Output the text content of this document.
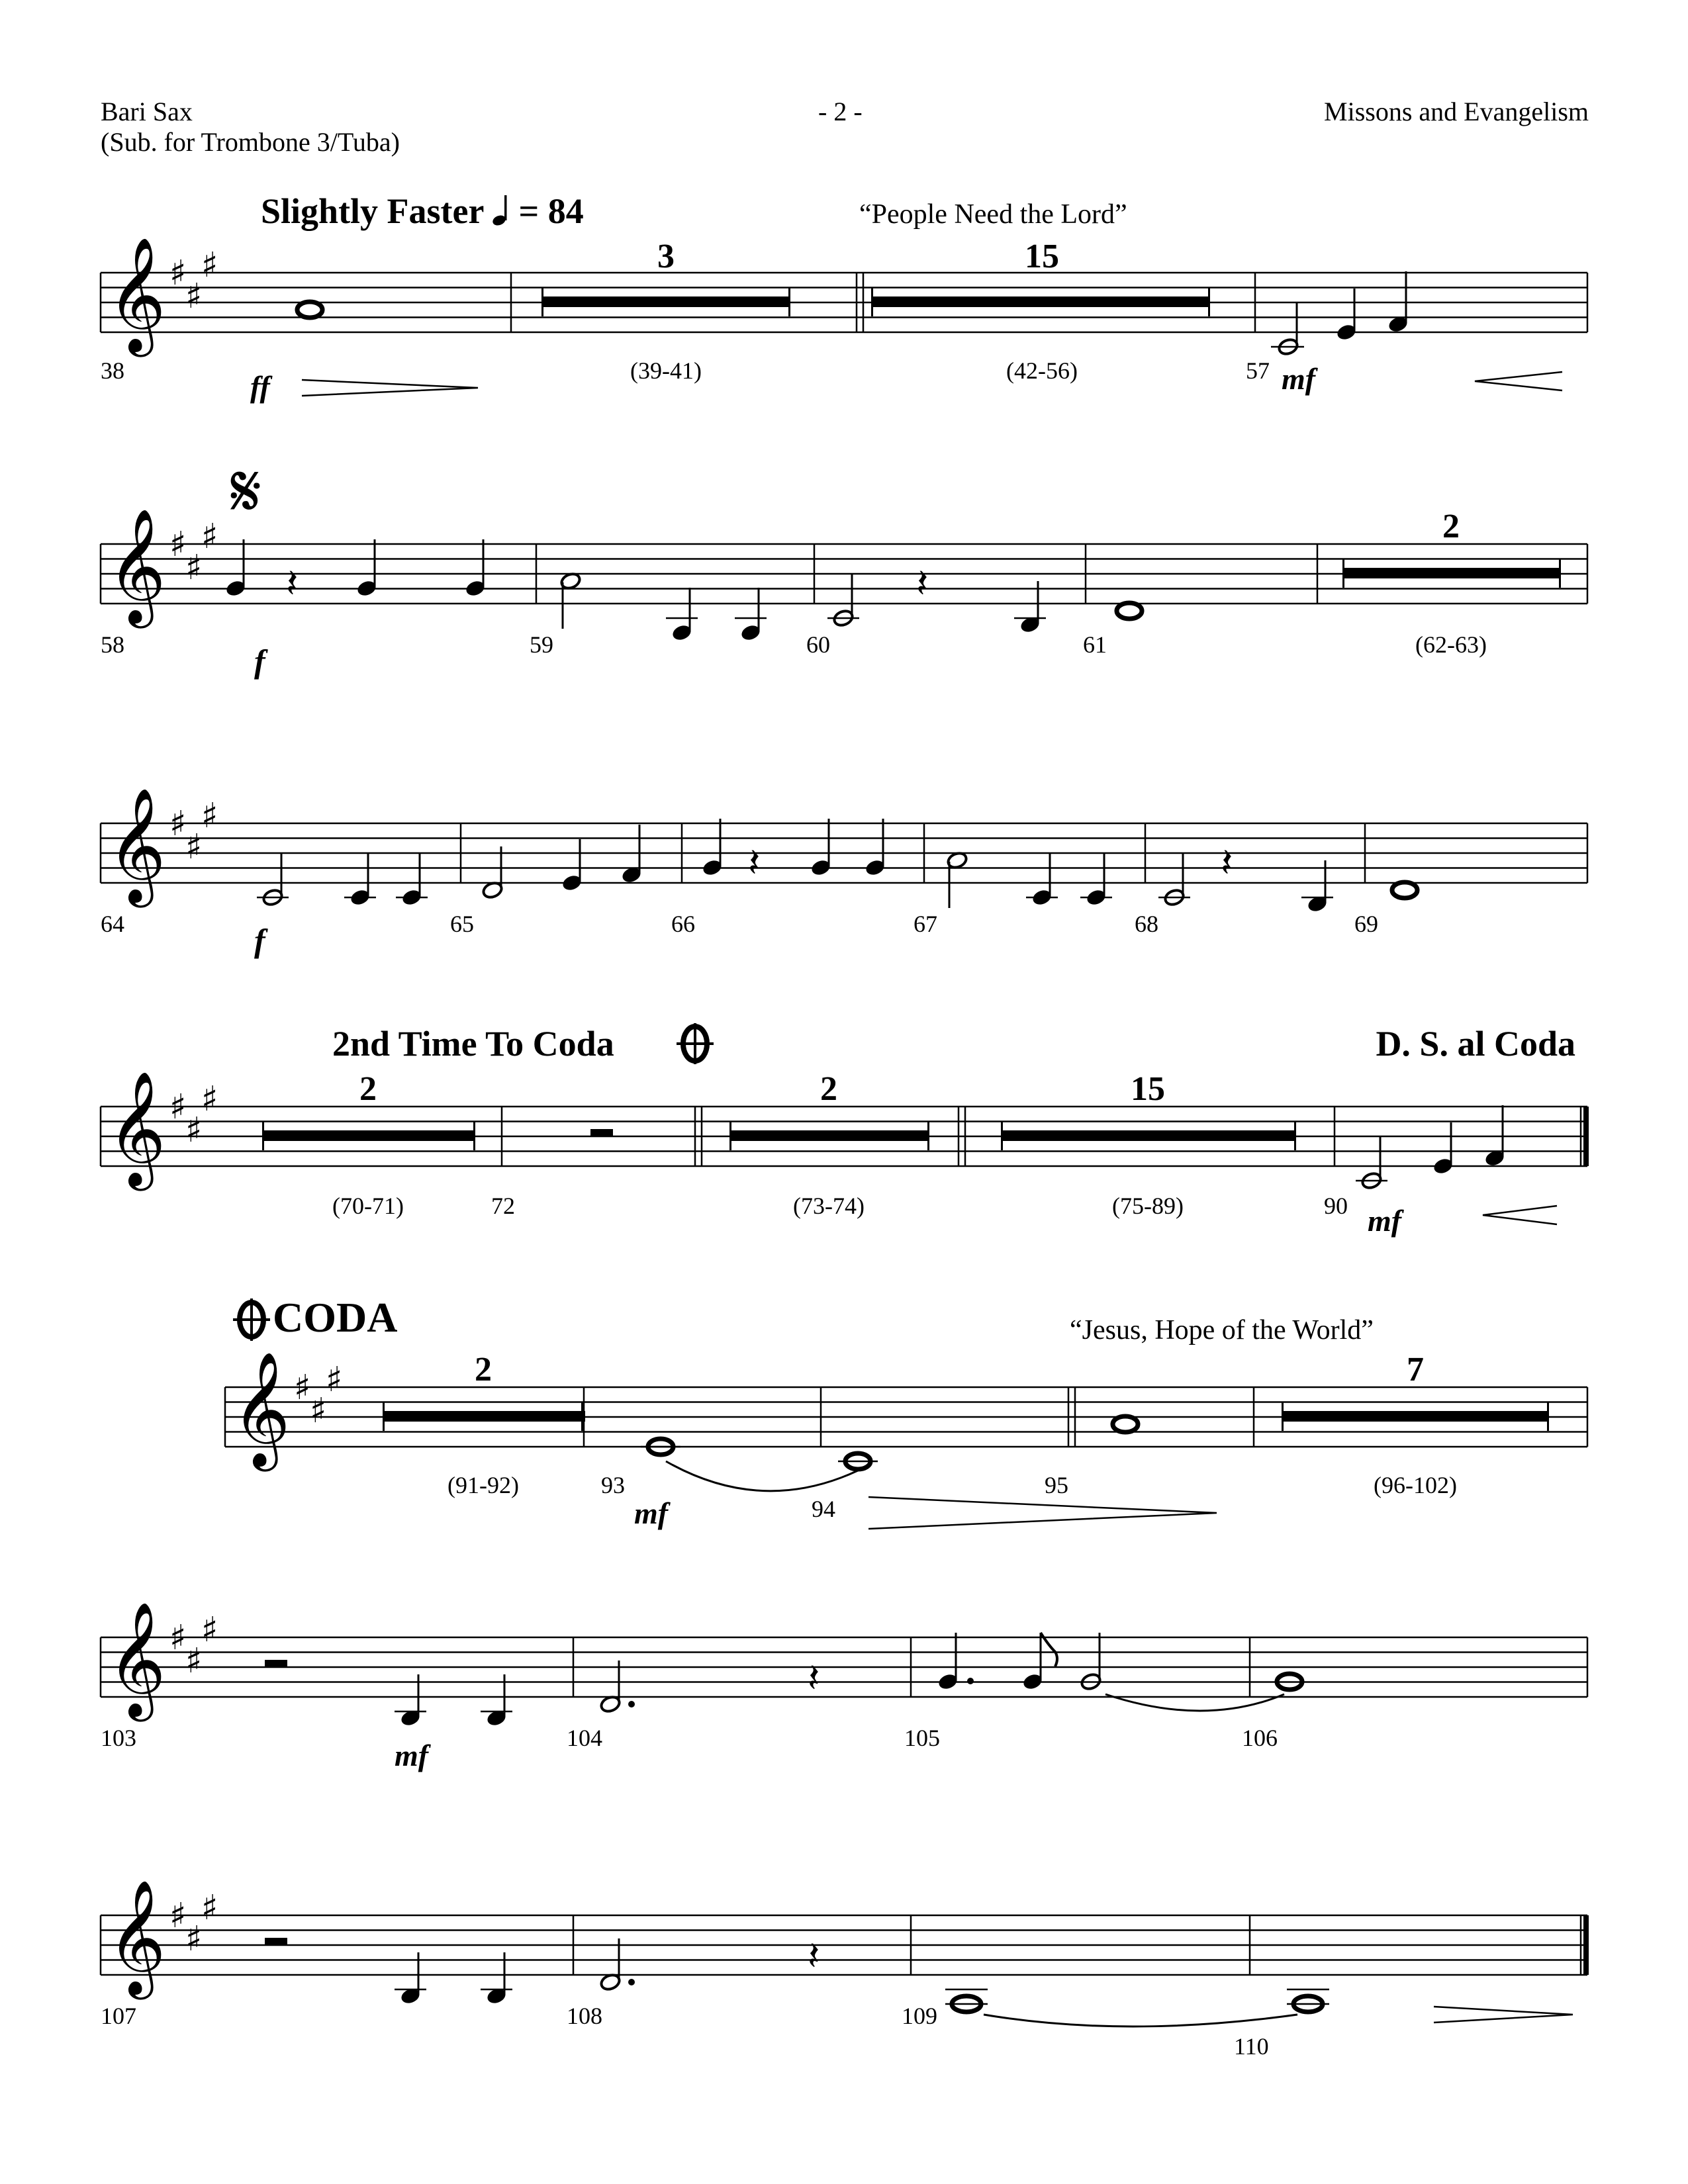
Bari Sax
(Sub. for Trombone 3/Tuba)
- 2 -	Missons and Evangelism
Slightly Faster = 84	“People Need the Lord”
2nd Time To Coda	D. S. al Coda
CODA	“Jesus, Hope of the World”
𝄞 ♯
♯
♯	3	15
38	(39-41)	(42-56)	57
ff	mf
𝄋
𝄞 ♯
♯
♯
𝄽	𝄽
2
58	59	60	61	(62-63)
f
𝄞 ♯
♯
♯
𝄽	𝄽
64	65	66	67	68	69
f
𝄞 ♯
♯
♯	2	2	15
(70-71)	72	(73-74)	(75-89)	90 mf
𝄞 ♯
♯
♯	2	7
(91-92)	93
94
95	(96-102)
mf
𝄞 ♯
♯
♯
𝄽
103	104	105	106
mf
𝄞 ♯
♯
♯
𝄽
107	108	109
110
